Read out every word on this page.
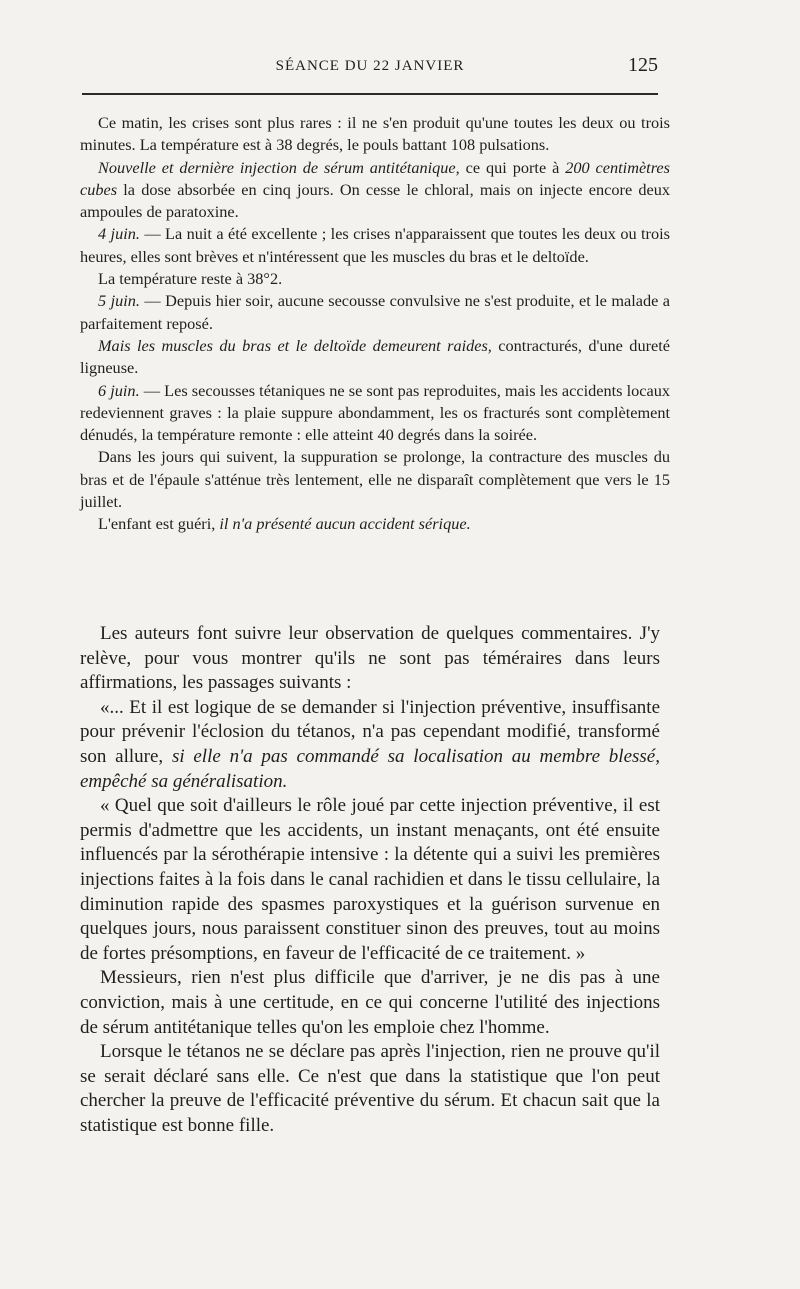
SÉANCE DU 22 JANVIER	125

Ce matin, les crises sont plus rares : il ne s'en produit qu'une toutes les deux ou trois minutes. La température est à 38 degrés, le pouls battant 108 pulsations.

Nouvelle et dernière injection de sérum antitétanique, ce qui porte à 200 centimètres cubes la dose absorbée en cinq jours. On cesse le chloral, mais on injecte encore deux ampoules de paratoxine.

4 juin. — La nuit a été excellente ; les crises n'apparaissent que toutes les deux ou trois heures, elles sont brèves et n'intéressent que les muscles du bras et le deltoïde.

La température reste à 38°2.

5 juin. — Depuis hier soir, aucune secousse convulsive ne s'est produite, et le malade a parfaitement reposé.

Mais les muscles du bras et le deltoïde demeurent raides, contracturés, d'une dureté ligneuse.

6 juin. — Les secousses tétaniques ne se sont pas reproduites, mais les accidents locaux redeviennent graves : la plaie suppure abondamment, les os fracturés sont complètement dénudés, la température remonte : elle atteint 40 degrés dans la soirée.

Dans les jours qui suivent, la suppuration se prolonge, la contracture des muscles du bras et de l'épaule s'atténue très lentement, elle ne disparaît complètement que vers le 15 juillet.

L'enfant est guéri, il n'a présenté aucun accident sérique.

Les auteurs font suivre leur observation de quelques commentaires. J'y relève, pour vous montrer qu'ils ne sont pas téméraires dans leurs affirmations, les passages suivants :

«... Et il est logique de se demander si l'injection préventive, insuffisante pour prévenir l'éclosion du tétanos, n'a pas cependant modifié, transformé son allure, si elle n'a pas commandé sa localisation au membre blessé, empêché sa généralisation.

« Quel que soit d'ailleurs le rôle joué par cette injection préventive, il est permis d'admettre que les accidents, un instant menaçants, ont été ensuite influencés par la sérothérapie intensive : la détente qui a suivi les premières injections faites à la fois dans le canal rachidien et dans le tissu cellulaire, la diminution rapide des spasmes paroxystiques et la guérison survenue en quelques jours, nous paraissent constituer sinon des preuves, tout au moins de fortes présomptions, en faveur de l'efficacité de ce traitement. »

Messieurs, rien n'est plus difficile que d'arriver, je ne dis pas à une conviction, mais à une certitude, en ce qui concerne l'utilité des injections de sérum antitétanique telles qu'on les emploie chez l'homme.

Lorsque le tétanos ne se déclare pas après l'injection, rien ne prouve qu'il se serait déclaré sans elle. Ce n'est que dans la statistique que l'on peut chercher la preuve de l'efficacité préventive du sérum. Et chacun sait que la statistique est bonne fille.
